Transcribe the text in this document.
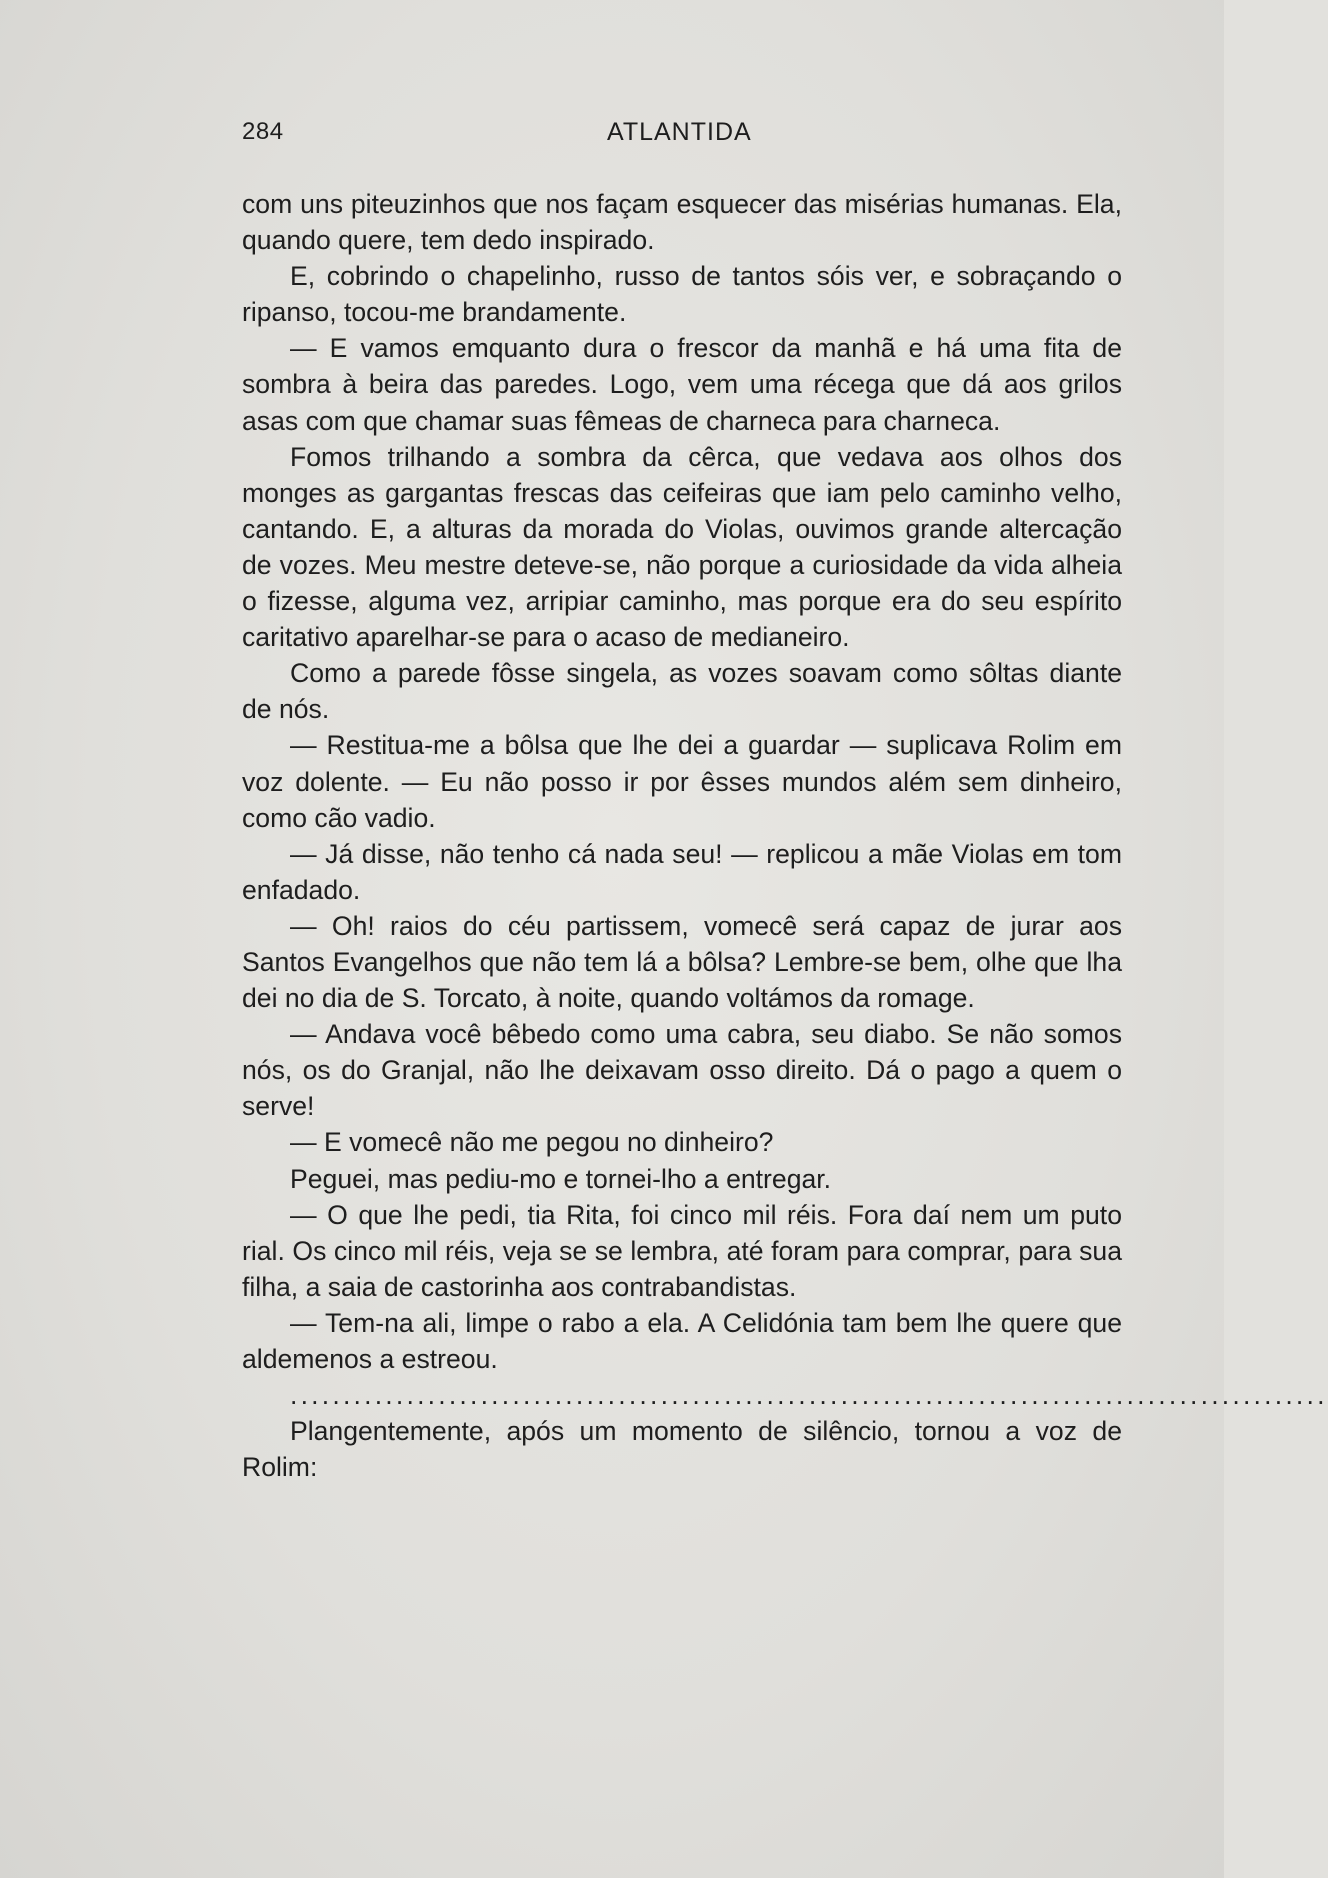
284	ATLANTIDA

com uns piteuzinhos que nos façam esquecer das misérias humanas. Ela, quando quere, tem dedo inspirado.

E, cobrindo o chapelinho, russo de tantos sóis ver, e sobraçando o ripanso, tocou-me brandamente.

— E vamos emquanto dura o frescor da manhã e há uma fita de sombra à beira das paredes. Logo, vem uma récega que dá aos grilos asas com que chamar suas fêmeas de charneca para charneca.

Fomos trilhando a sombra da cêrca, que vedava aos olhos dos monges as gargantas frescas das ceifeiras que iam pelo caminho velho, cantando. E, a alturas da morada do Violas, ouvimos grande altercação de vozes. Meu mestre deteve-se, não porque a curiosidade da vida alheia o fizesse, alguma vez, arripiar caminho, mas porque era do seu espírito caritativo aparelhar-se para o acaso de medianeiro.

Como a parede fôsse singela, as vozes soavam como sôltas diante de nós.

— Restitua-me a bôlsa que lhe dei a guardar — suplicava Rolim em voz dolente. — Eu não posso ir por êsses mundos além sem dinheiro, como cão vadio.

— Já disse, não tenho cá nada seu! — replicou a mãe Violas em tom enfadado.

— Oh! raios do céu partissem, vomecê será capaz de jurar aos Santos Evangelhos que não tem lá a bôlsa? Lembre-se bem, olhe que lha dei no dia de S. Torcato, à noite, quando voltámos da romage.

— Andava você bêbedo como uma cabra, seu diabo. Se não somos nós, os do Granjal, não lhe deixavam osso direito. Dá o pago a quem o serve!

— E vomecê não me pegou no dinheiro?

Peguei, mas pediu-mo e tornei-lho a entregar.

— O que lhe pedi, tia Rita, foi cinco mil réis. Fora daí nem um puto rial. Os cinco mil réis, veja se se lembra, até foram para comprar, para sua filha, a saia de castorinha aos contrabandistas.

— Tem-na ali, limpe o rabo a ela. A Celidónia tam bem lhe quere que aldemenos a estreou.

..................................................................................................

Plangentemente, após um momento de silêncio, tornou a voz de Rolim:
